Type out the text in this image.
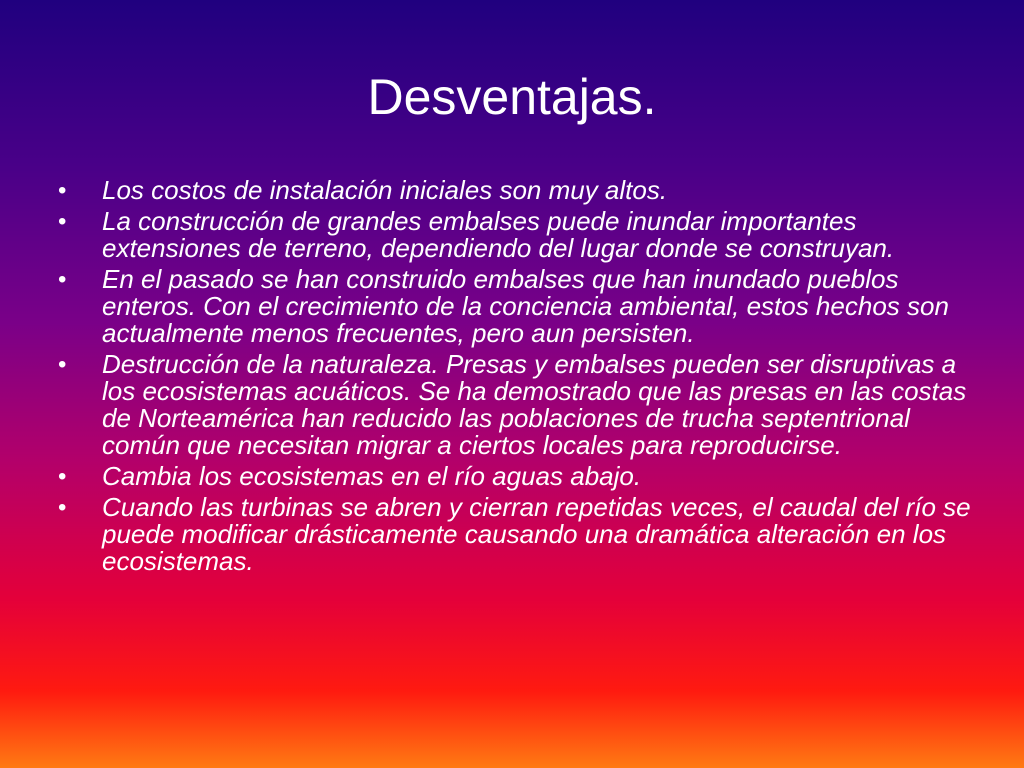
Desventajas.
• Los costos de instalación iniciales son muy altos.
• La construcción de grandes embalses puede inundar importantes extensiones de terreno, dependiendo del lugar donde se construyan.
• En el pasado se han construido embalses que han inundado pueblos enteros. Con el crecimiento de la conciencia ambiental, estos hechos son actualmente menos frecuentes, pero aun persisten.
• Destrucción de la naturaleza. Presas y embalses pueden ser disruptivas a los ecosistemas acuáticos. Se ha demostrado que las presas en las costas de Norteamérica han reducido las poblaciones de trucha septentrional común que necesitan migrar a ciertos locales para reproducirse.
• Cambia los ecosistemas en el río aguas abajo.
• Cuando las turbinas se abren y cierran repetidas veces, el caudal del río se puede modificar drásticamente causando una dramática alteración en los ecosistemas.
